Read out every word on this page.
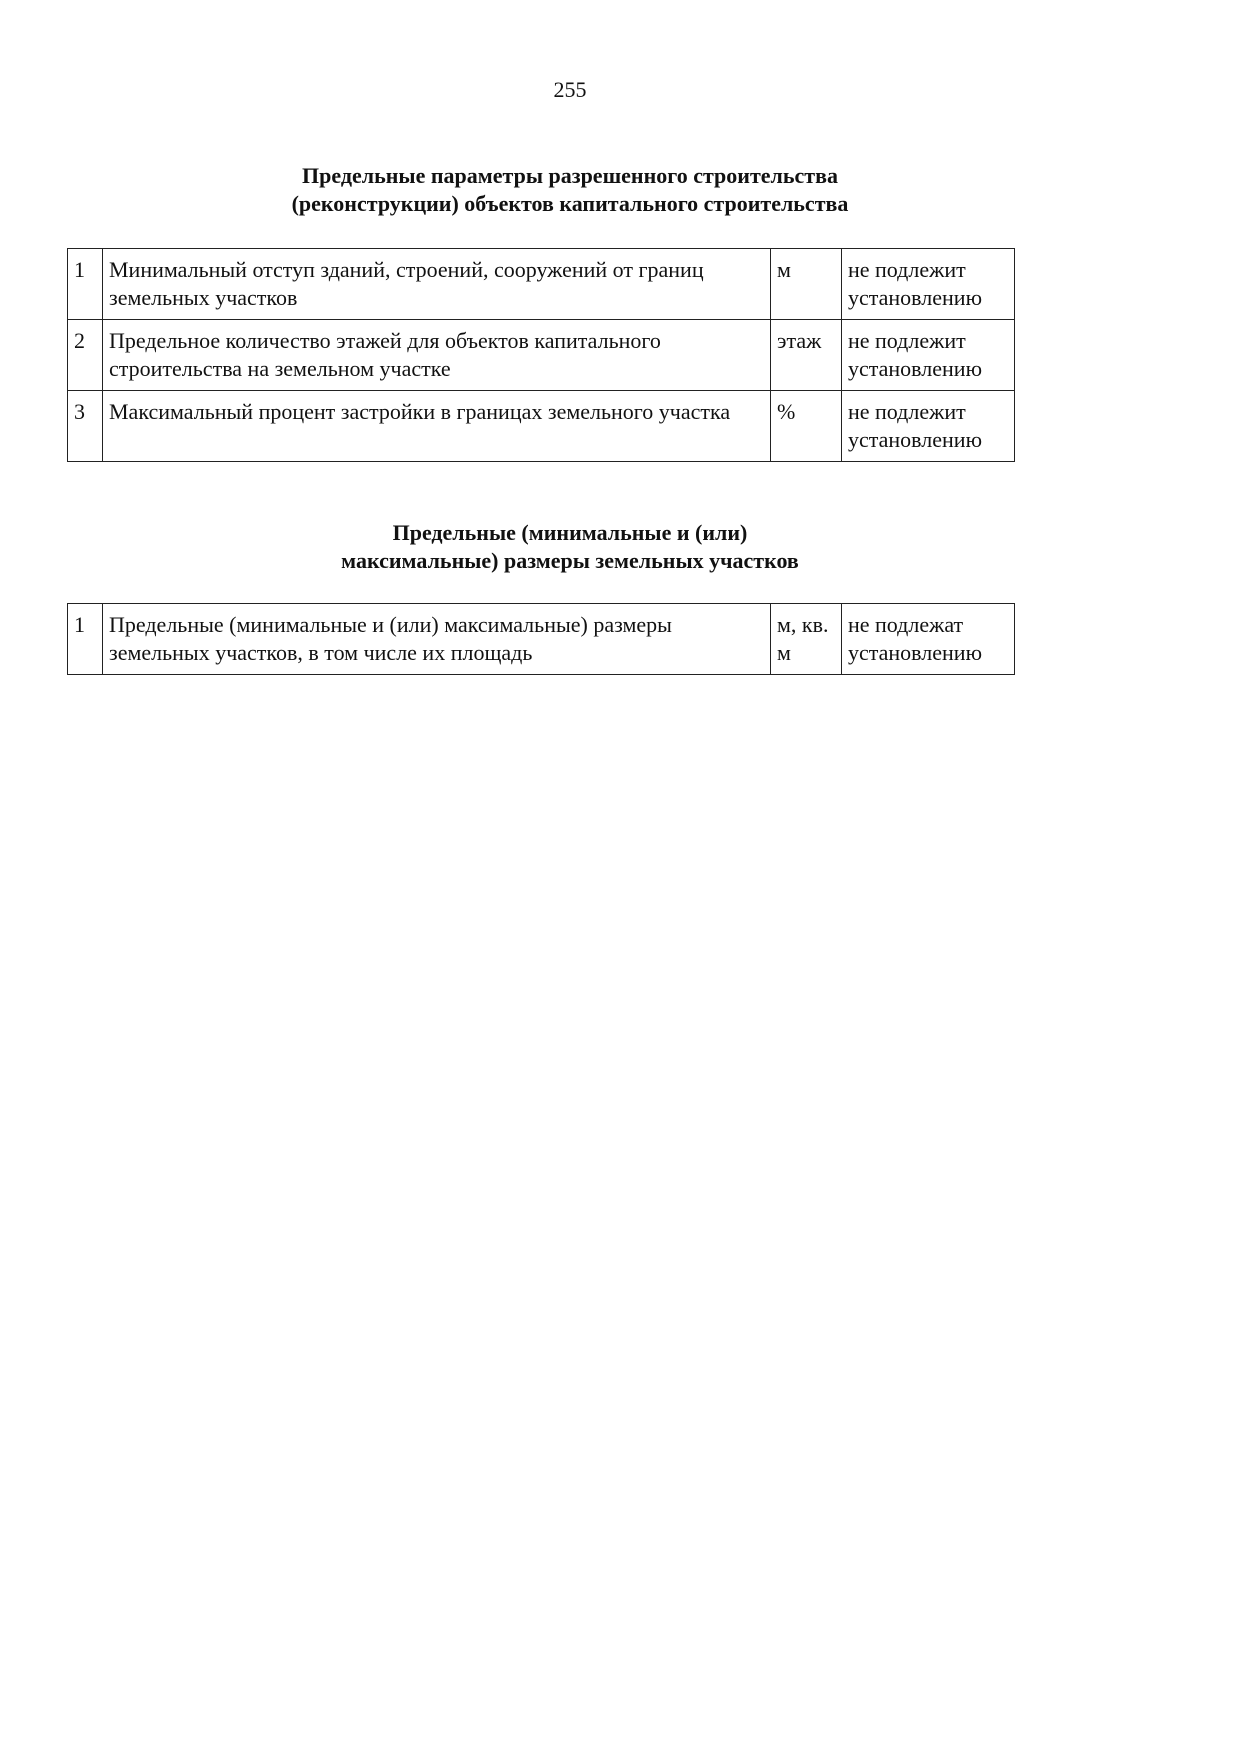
255
Предельные параметры разрешенного строительства
(реконструкции) объектов капитального строительства
1	Минимальный отступ зданий, строений, сооружений от границ земельных участков	м	не подлежит установлению
2	Предельное количество этажей для объектов капитального строительства на земельном участке	этаж	не подлежит установлению
3	Максимальный процент застройки в границах земельного участка	%	не подлежит установлению
Предельные (минимальные и (или)
максимальные) размеры земельных участков
1	Предельные (минимальные и (или) максимальные) размеры земельных участков, в том числе их площадь	м, кв. м	не подлежат установлению
